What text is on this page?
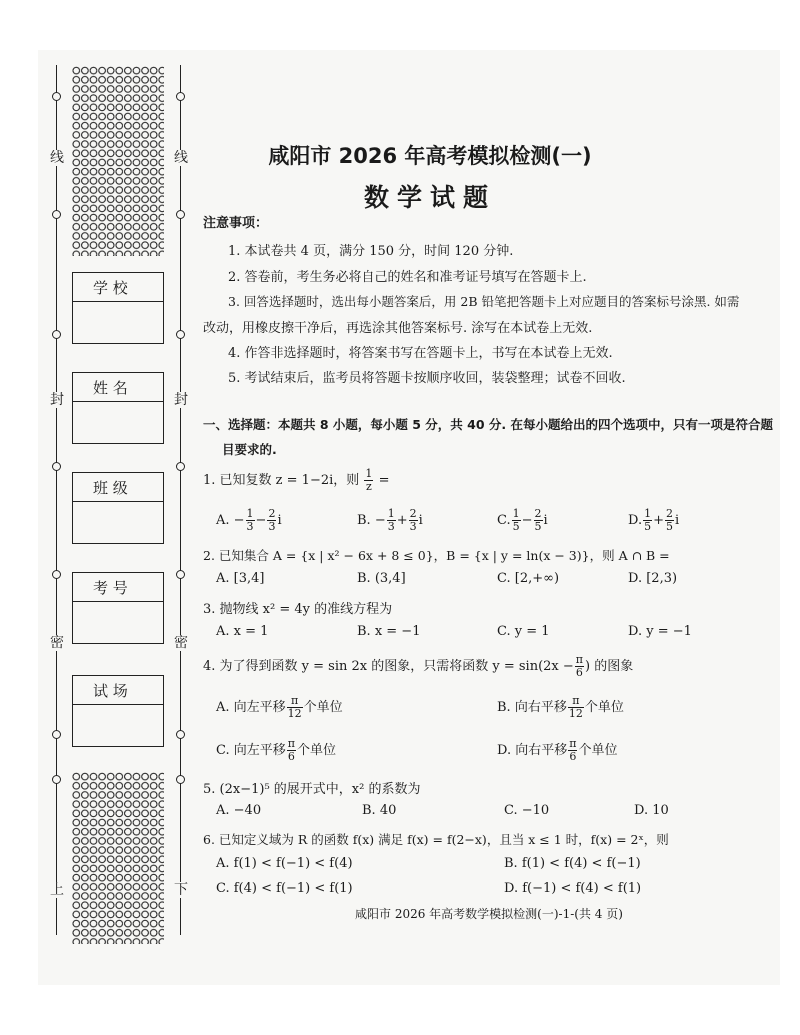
线
封
密
上
线
封
密
下
学 校
姓 名
班 级
考 号
试 场
咸阳市 2026 年高考模拟检测(一)
数学试题
注意事项：
1. 本试卷共 4 页，满分 150 分，时间 120 分钟.
2. 答卷前，考生务必将自己的姓名和准考证号填写在答题卡上.
3. 回答选择题时，选出每小题答案后，用 2B 铅笔把答题卡上对应题目的答案标号涂黑. 如需
改动，用橡皮擦干净后，再选涂其他答案标号. 涂写在本试卷上无效.
4. 作答非选择题时，将答案书写在答题卡上，书写在本试卷上无效.
5. 考试结束后，监考员将答题卡按顺序收回，装袋整理；试卷不回收.
一、选择题：本题共 8 小题，每小题 5 分，共 40 分. 在每小题给出的四个选项中，只有一项是符合题
目要求的.
1. 已知复数 z = 1−2i，则 $\frac{1}{z}$ =
A. − $\frac{1}{3} - \frac{2}{3}$ i	B. − $\frac{1}{3} + \frac{2}{3}$ i	C. $\frac{1}{5} - \frac{2}{5}$ i	D. $\frac{1}{5} + \frac{2}{5}$ i
2. 已知集合 A = {x | x² − 6x + 8 ≤ 0}，B = {x | y = ln(x − 3)}，则 A ∩ B =
A. [3,4]	B. (3,4]	C. [2,+∞)	D. [2,3)
3. 抛物线 x² = 4y 的准线方程为
A. x = 1	B. x = −1	C. y = 1	D. y = −1
4. 为了得到函数 y = sin 2x 的图象，只需将函数 $y = \sin(2x - \frac{\pi}{6}$ ) 的图象
A. 向左平移 $\frac{\pi}{12}$ 个单位	B. 向右平移 $\frac{\pi}{12}$ 个单位
C. 向左平移 $\frac{\pi}{6}$ 个单位	D. 向右平移 $\frac{\pi}{6}$ 个单位
5. (2x−1)⁵ 的展开式中，x² 的系数为
A. −40	B. 40	C. −10	D. 10
6. 已知定义域为 R 的函数 f(x) 满足 f(x) = f(2−x)，且当 x ≤ 1 时，f(x) = 2ˣ，则
A. f(1) < f(−1) < f(4)	B. f(1) < f(4) < f(−1)
C. f(4) < f(−1) < f(1)	D. f(−1) < f(4) < f(1)
咸阳市 2026 年高考数学模拟检测(一)-1-(共 4 页)
